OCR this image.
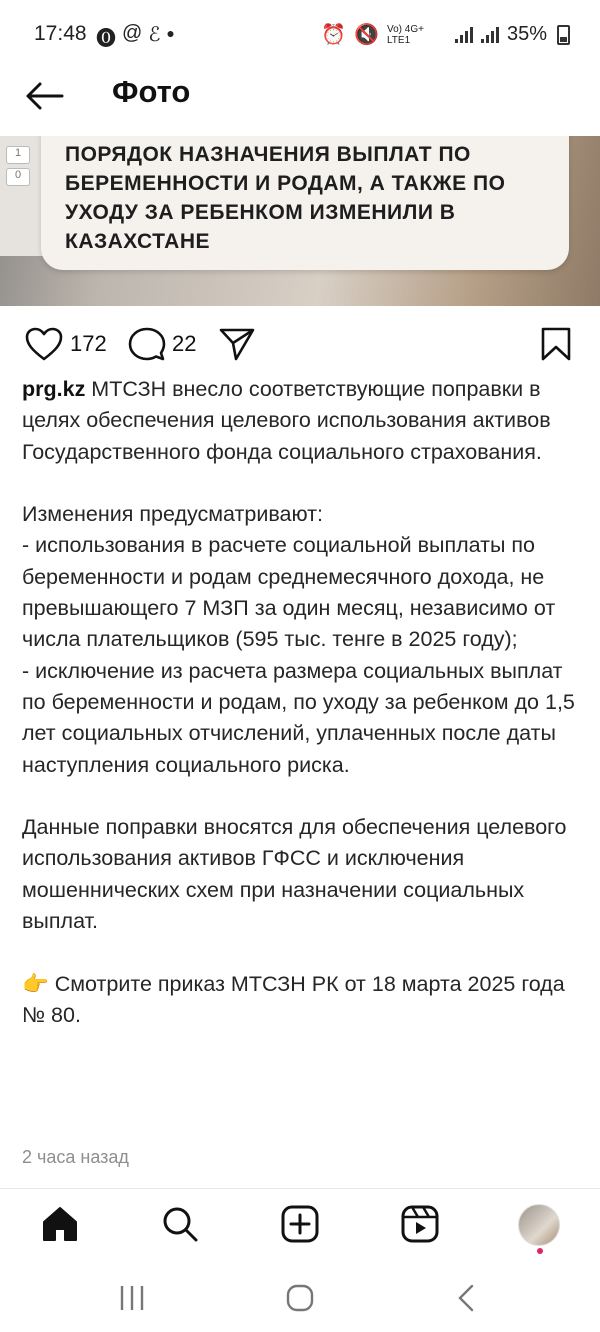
17:48 ⓿ @ ℰ ●	⏰ 🔇 Vo) 4G+ LTE1	35%
Фото
1
0
ПОРЯДОК НАЗНАЧЕНИЯ ВЫПЛАТ ПО БЕРЕМЕННОСТИ И РОДАМ, А ТАКЖЕ ПО УХОДУ ЗА РЕБЕНКОМ ИЗМЕНИЛИ В КАЗАХСТАНЕ
172	22
prg.kz МТСЗН внесло соответствующие поправки в целях обеспечения целевого использования активов Государственного фонда социального страхования.

Изменения предусматривают:
- использования в расчете социальной выплаты по беременности и родам среднемесячного дохода, не превышающего 7 МЗП за один месяц, независимо от числа плательщиков (595 тыс. тенге в 2025 году);
- исключение из расчета размера социальных выплат по беременности и родам, по уходу за ребенком до 1,5 лет социальных отчислений, уплаченных после даты наступления социального риска.

Данные поправки вносятся для обеспечения целевого использования активов ГФСС и исключения мошеннических схем при назначении социальных выплат.

👉 Смотрите приказ МТСЗН РК от 18 марта 2025 года № 80.
2 часа назад
